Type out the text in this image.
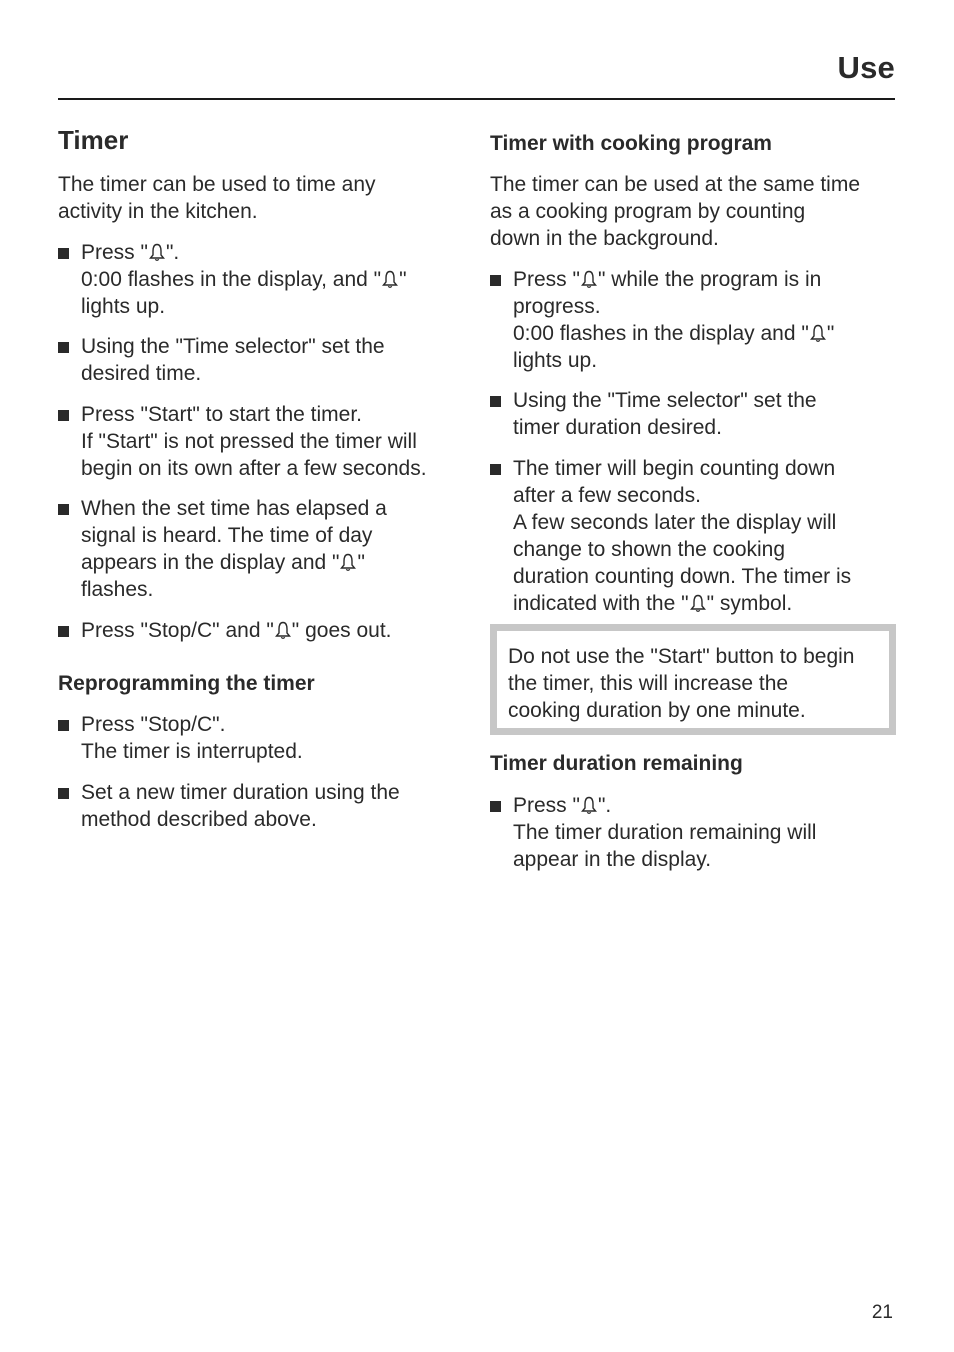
Use
Timer
The timer can be used to time any activity in the kitchen.
Press " ".
0:00 flashes in the display, and " "
lights up.
Using the "Time selector" set the
desired time.
Press "Start" to start the timer.
If "Start" is not pressed the timer will
begin on its own after a few seconds.
When the set time has elapsed a
signal is heard. The time of day
appears in the display and " "
flashes.
Press "Stop/C" and " " goes out.
Reprogramming the timer
Press "Stop/C".
The timer is interrupted.
Set a new timer duration using the
method described above.
Timer with cooking program
The timer can be used at the same time
as a cooking program by counting
down in the background.
Press " " while the program is in
progress.
0:00 flashes in the display and " "
lights up.
Using the "Time selector" set the
timer duration desired.
The timer will begin counting down
after a few seconds.
A few seconds later the display will
change to shown the cooking
duration counting down. The timer is
indicated with the " " symbol.
Timer duration remaining
Press " ".
The timer duration remaining will
appear in the display.
Do not use the "Start" button to begin
the timer, this will increase the
cooking duration by one minute.
21
